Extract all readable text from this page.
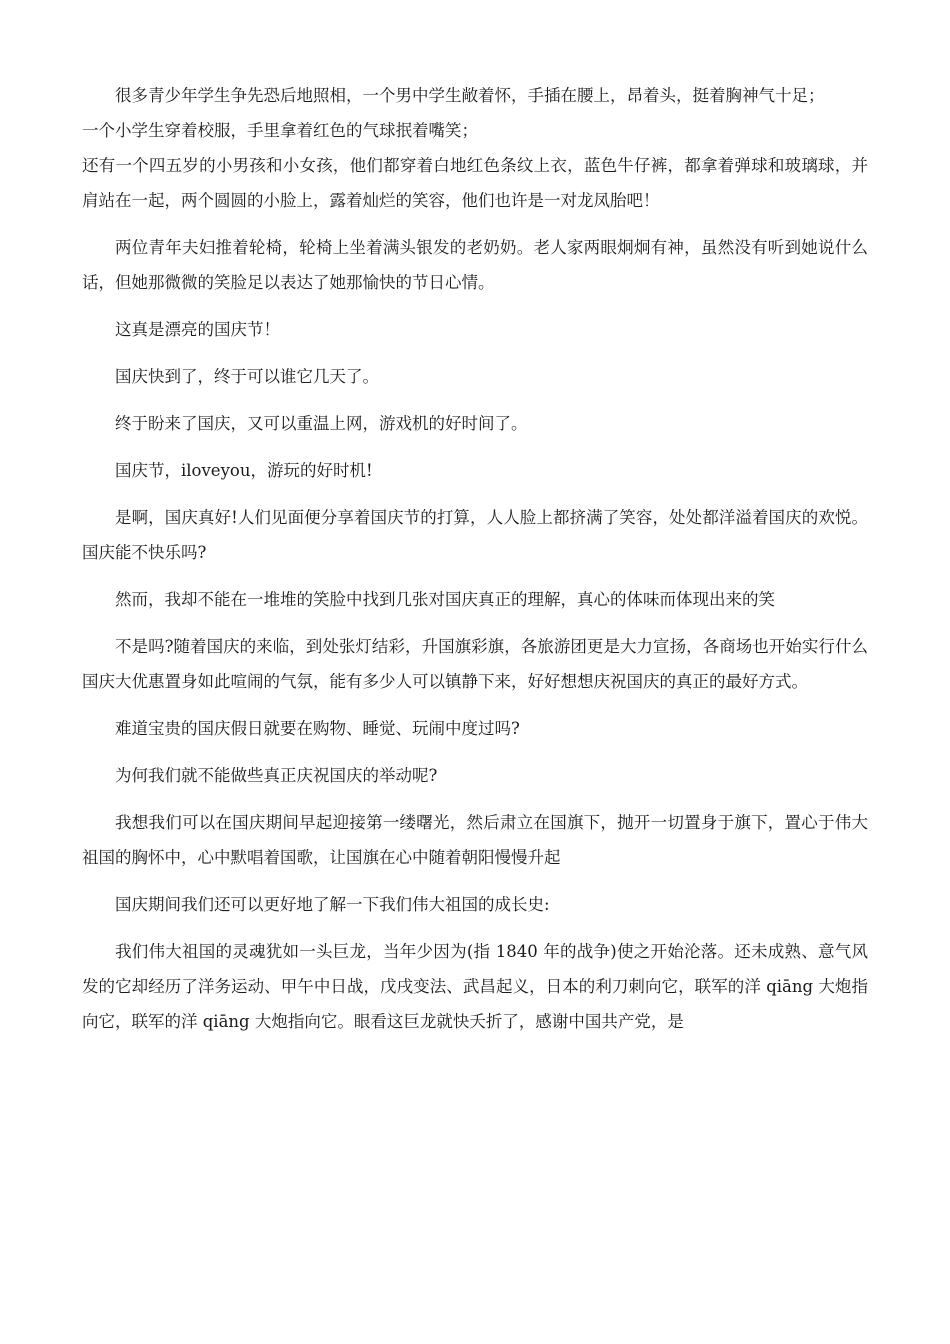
很多青少年学生争先恐后地照相，一个男中学生敞着怀，手插在腰上，昂着头，挺着胸神气十足；

一个小学生穿着校服，手里拿着红色的气球抿着嘴笑；

还有一个四五岁的小男孩和小女孩，他们都穿着白地红色条纹上衣，蓝色牛仔裤，都拿着弹球和玻璃球，并肩站在一起，两个圆圆的小脸上，露着灿烂的笑容，他们也许是一对龙凤胎吧！

两位青年夫妇推着轮椅，轮椅上坐着满头银发的老奶奶。老人家两眼炯炯有神，虽然没有听到她说什么话，但她那微微的笑脸足以表达了她那愉快的节日心情。

这真是漂亮的国庆节！

国庆快到了，终于可以谁它几天了。

终于盼来了国庆，又可以重温上网，游戏机的好时间了。

国庆节，iloveyou，游玩的好时机!

是啊，国庆真好!人们见面便分享着国庆节的打算，人人脸上都挤满了笑容，处处都洋溢着国庆的欢悦。国庆能不快乐吗?

然而，我却不能在一堆堆的笑脸中找到几张对国庆真正的理解，真心的体味而体现出来的笑

不是吗?随着国庆的来临，到处张灯结彩，升国旗彩旗，各旅游团更是大力宣扬，各商场也开始实行什么国庆大优惠置身如此喧闹的气氛，能有多少人可以镇静下来，好好想想庆祝国庆的真正的最好方式。

难道宝贵的国庆假日就要在购物、睡觉、玩闹中度过吗?

为何我们就不能做些真正庆祝国庆的举动呢?

我想我们可以在国庆期间早起迎接第一缕曙光，然后肃立在国旗下，抛开一切置身于旗下，置心于伟大祖国的胸怀中，心中默唱着国歌，让国旗在心中随着朝阳慢慢升起

国庆期间我们还可以更好地了解一下我们伟大祖国的成长史:

我们伟大祖国的灵魂犹如一头巨龙，当年少因为(指 1840 年的战争)使之开始沦落。还未成熟、意气风发的它却经历了洋务运动、甲午中日战，戊戌变法、武昌起义，日本的利刀刺向它，联军的洋 qiāng 大炮指向它，联军的洋 qiāng 大炮指向它。眼看这巨龙就快夭折了，感谢中国共产党，是
